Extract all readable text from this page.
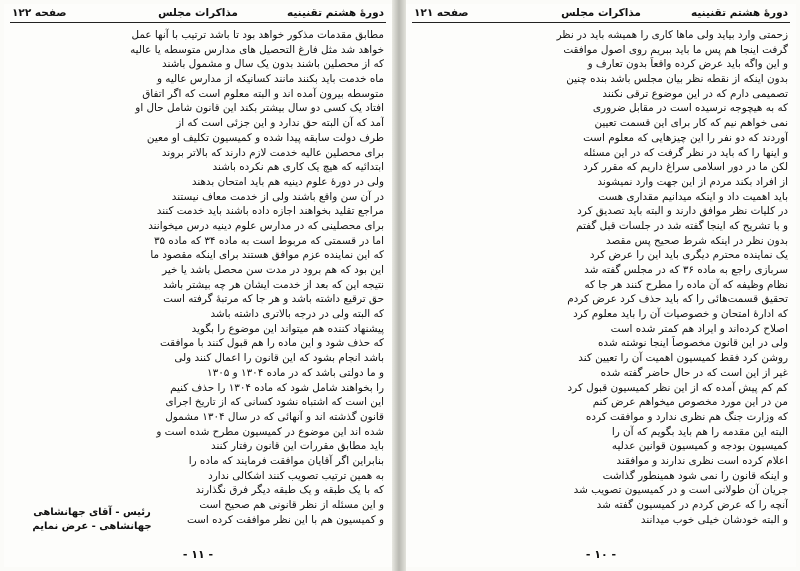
دورهٔ هشتم تقنینیه
مذاکرات مجلس
صفحه ۱۲۲
مطابق مقدمات مذکور خواهد بود تا باشد ترتیب با آنها عمل
خواهد شد مثل فارغ التحصیل های مدارس متوسطه یا عالیه
که از محصلین باشند بدون یک سال و مشمول باشند
ماه خدمت باید بکنند مانند کسانیکه از مدارس عالیه و
متوسطه بیرون آمده اند و البته معلوم است که اگر اتفاق
افتاد یک کسی دو سال بیشتر بکند این قانون شامل حال او
آمد که آن البته حق ندارد و این جزئی است که از
طرف دولت سابقه پیدا شده و کمیسیون تکلیف او معین
برای محصلین عالیه خدمت لازم دارند که بالاتر بروند
ابتدائیه که هیچ یک کاری هم نکرده باشند
ولی در دورهٔ علوم دینیه هم باید امتحان بدهند
در آن سن واقع باشند ولی از خدمت معاف نیستند
مراجع تقلید بخواهند اجازه داده باشند باید خدمت کنند
برای محصلینی که در مدارس علوم دینیه درس میخوانند
اما در قسمتی که مربوط است به ماده ۳۴ که ماده ۳۵
که این نماینده عزم موافق هستند برای اینکه مقصود ما
این بود که هم برود در مدت سن محصل باشد یا خیر
نتیجه این که بعد از خدمت ایشان هر چه بیشتر باشد
حق ترقیع داشته باشد و هر جا که مرتبهٔ گرفته است
که البته ولی در درجه بالاتری داشته باشد
پیشنهاد کننده هم میتواند این موضوع را بگوید
که حذف شود و این ماده را هم قبول کنند با موافقت
باشد انجام بشود که این قانون را اعمال کنند ولی
و ما دولتی باشد که در ماده ۱۳۰۴ و ۱۳۰۵
را بخواهند شامل شود که ماده ۱۳۰۴ را حذف کنیم
این است که اشتباه نشود کسانی که از تاریخ اجرای
قانون گذشته اند و آنهائی که در سال ۱۳۰۴ مشمول
شده اند این موضوع در کمیسیون مطرح شده است و
باید مطابق مقررات این قانون رفتار کنند
بنابراین اگر آقایان موافقت فرمایند که ماده را
به همین ترتیب تصویب کنند اشکالی ندارد
که با یک طبقه و یک طبقه دیگر فرق نگذارند
و این مسئله از نظر قانونی هم صحیح است
و کمیسیون هم با این نظر موافقت کرده است
رئیس - آقای جهانشاهی
جهانشاهی - عرض نمایم
- ۱۱ -
دورهٔ هشتم تقنینیه
مذاکرات مجلس
صفحه ۱۲۱
زحمتی وارد بیاید ولی ماها کاری را همیشه باید در نظر
گرفت اینجا هم پس ما باید ببریم روی اصول موافقت
و این واگه باید عرض کرده واقعاً بدون تعارف و
بدون اینکه از نقطه نظر بیان مجلس باشد بنده چنین
تصمیمی دارم که در این موضوع ترقی نکنند
که به هیچوجه نرسیده است در مقابل ضروری
نمی خواهم نیم که کار برای این قسمت تعیین
آوردند که دو نفر را این چیزهایی که معلوم است
و اینها را که باید در نظر گرفت که در این مسئله
لکن ما در دور اسلامی سراغ داریم که مقرر کرد
از افراد بکند مردم از این جهت وارد نمیشوند
باید اهمیت داد و اینکه میدانیم مقداری هست
در کلیات نظر موافق دارند و البته باید تصدیق کرد
و با تشریح که اینجا گفته شد در جلسات قبل گفتم
بدون نظر در اینکه شرط صحیح پس مقصد
یک نماینده محترم دیگری باید این را عرض کرد
سربازی راجع به ماده ۳۶ که در مجلس گفته شد
نظام وظیفه که آن ماده را مطرح کنند هر جا که
تحقیق قسمت‌هائی را که باید حذف کرد عرض کردم
که ادارهٔ امتحان و خصوصیات آن را باید معلوم کرد
اصلاح کرده‌اند و ایراد هم کمتر شده است
ولی در این قانون مخصوصاً اینجا نوشته شده
روشن کرد فقط کمیسیون اهمیت آن را تعیین کند
غیر از این است که در حال حاضر گفته شده
کم کم پیش آمده که از این نظر کمیسیون قبول کرد
من در این مورد مخصوص میخواهم عرض کنم
که وزارت جنگ هم نظری ندارد و موافقت کرده
البته این مقدمه را هم باید بگویم که آن را
کمیسیون بودجه و کمیسیون قوانین عدلیه
اعلام کرده است نظری ندارند و موافقند
و اینکه قانون را نمی شود همینطور گذاشت
جریان آن طولانی است و در کمیسیون تصویب شد
آنچه را که عرض کردم در کمیسیون گفته شد
و البته خودشان خیلی خوب میدانند
- ۱۰ -
